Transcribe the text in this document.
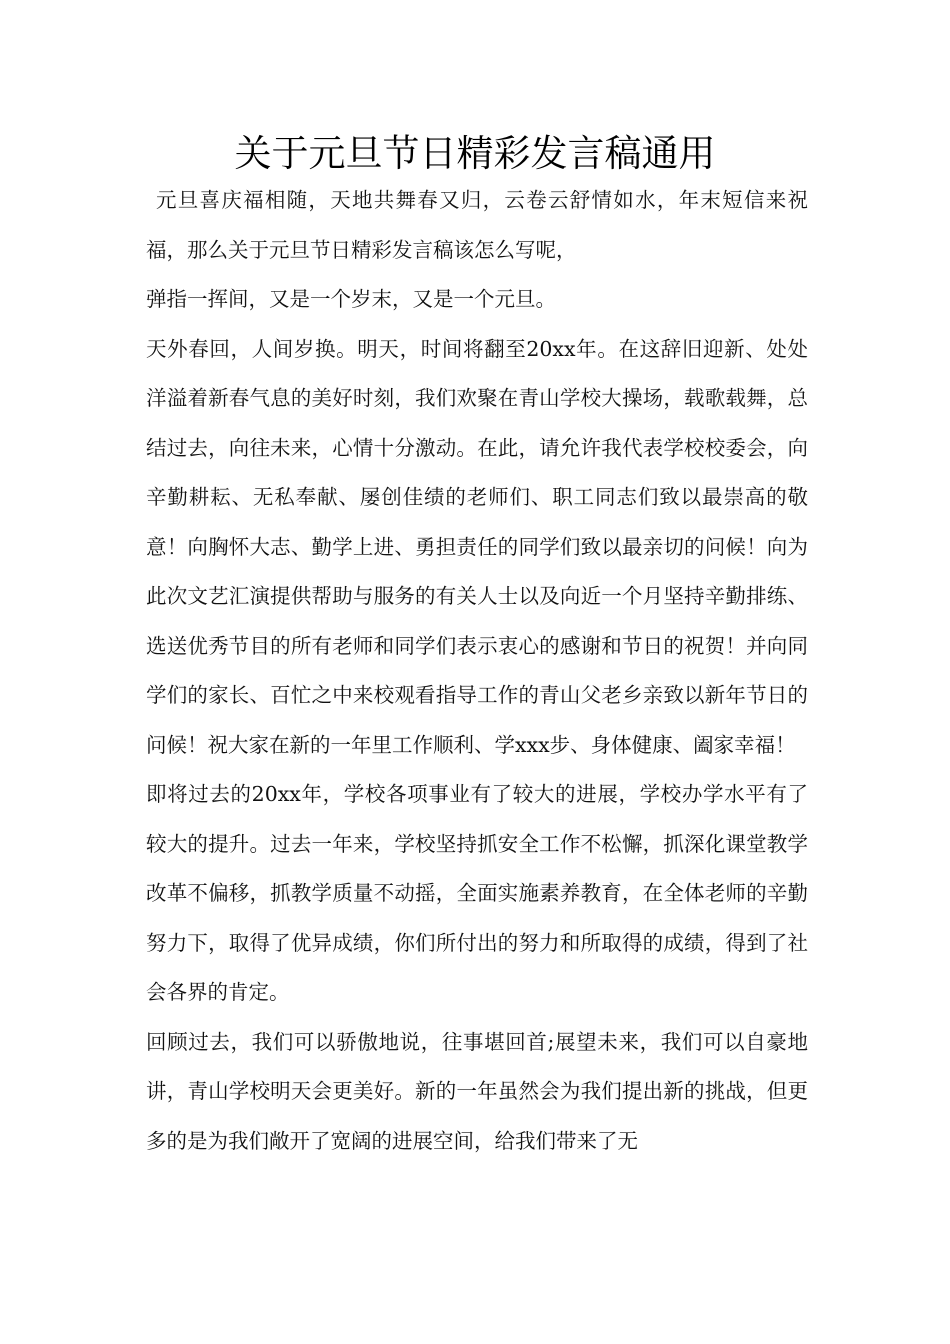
关于元旦节日精彩发言稿通用

元旦喜庆福相随，天地共舞春又归，云卷云舒情如水，年末短信来祝福，那么关于元旦节日精彩发言稿该怎么写呢，

弹指一挥间，又是一个岁末，又是一个元旦。

天外春回，人间岁换。明天，时间将翻至20xx年。在这辞旧迎新、处处洋溢着新春气息的美好时刻，我们欢聚在青山学校大操场，载歌载舞，总结过去，向往未来，心情十分激动。在此，请允许我代表学校校委会，向辛勤耕耘、无私奉献、屡创佳绩的老师们、职工同志们致以最崇高的敬意！向胸怀大志、勤学上进、勇担责任的同学们致以最亲切的问候！向为此次文艺汇演提供帮助与服务的有关人士以及向近一个月坚持辛勤排练、选送优秀节目的所有老师和同学们表示衷心的感谢和节日的祝贺！并向同学们的家长、百忙之中来校观看指导工作的青山父老乡亲致以新年节日的问候！祝大家在新的一年里工作顺利、学xxx步、身体健康、阖家幸福！

即将过去的20xx年，学校各项事业有了较大的进展，学校办学水平有了较大的提升。过去一年来，学校坚持抓安全工作不松懈，抓深化课堂教学改革不偏移，抓教学质量不动摇，全面实施素养教育，在全体老师的辛勤努力下，取得了优异成绩，你们所付出的努力和所取得的成绩，得到了社会各界的肯定。

回顾过去，我们可以骄傲地说，往事堪回首;展望未来，我们可以自豪地讲，青山学校明天会更美好。新的一年虽然会为我们提出新的挑战，但更多的是为我们敞开了宽阔的进展空间，给我们带来了无
